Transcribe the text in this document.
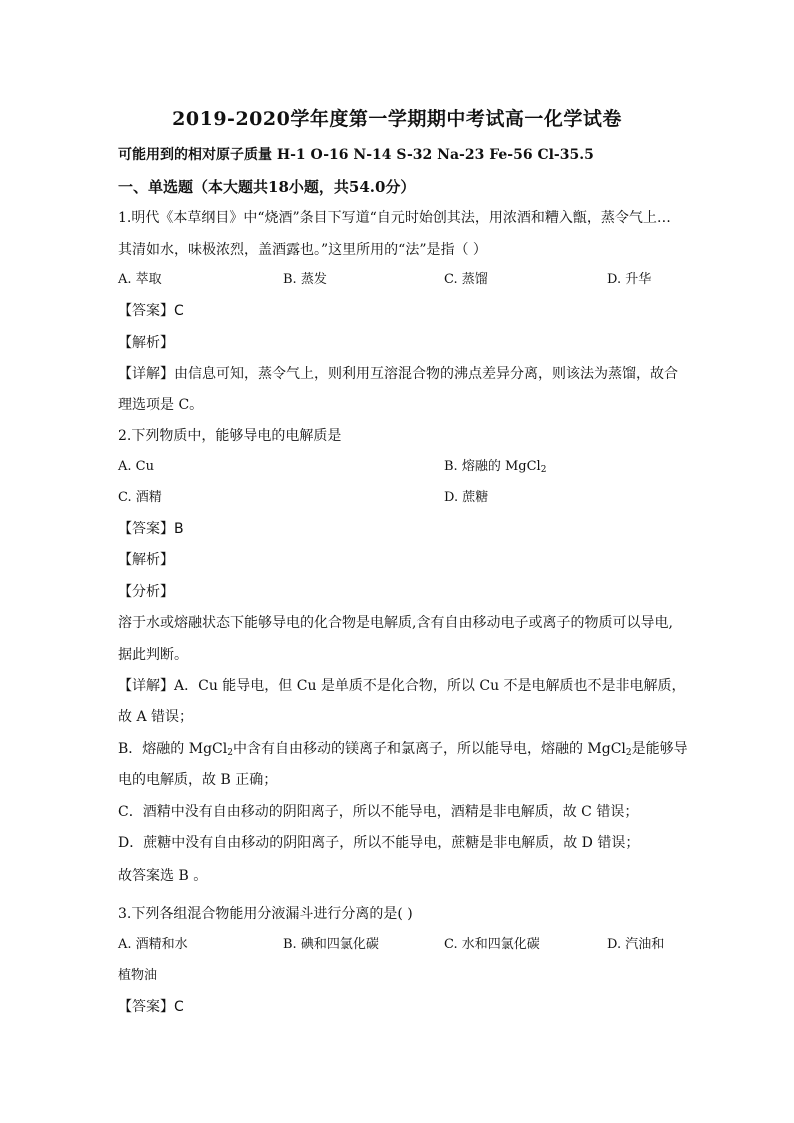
2019-2020学年度第一学期期中考试高一化学试卷
可能用到的相对原子质量 H-1 O-16 N-14 S-32 Na-23 Fe-56 Cl-35.5
一、单选题（本大题共18小题，共54.0分）
1.明代《本草纲目》中“烧酒”条目下写道“自元时始创其法，用浓酒和糟入甑，蒸令气上…
其清如水，味极浓烈，盖酒露也。”这里所用的“法”是指（ ）
A. 萃取	B. 蒸发	C. 蒸馏	D. 升华
【答案】C
【解析】
【详解】由信息可知，蒸令气上，则利用互溶混合物的沸点差异分离，则该法为蒸馏，故合
理选项是 C。
2.下列物质中，能够导电的电解质是
A. Cu	B. 熔融的 MgCl$_2$
C. 酒精	D. 蔗糖
【答案】B
【解析】
【分析】
溶于水或熔融状态下能够导电的化合物是电解质,含有自由移动电子或离子的物质可以导电,
据此判断。
【详解】A．Cu 能导电，但 Cu 是单质不是化合物，所以 Cu 不是电解质也不是非电解质，
故 A 错误；
B．熔融的 MgCl$_2$中含有自由移动的镁离子和氯离子，所以能导电，熔融的 MgCl$_2$是能够导
电的电解质，故 B 正确；
C．酒精中没有自由移动的阴阳离子，所以不能导电，酒精是非电解质，故 C 错误；
D．蔗糖中没有自由移动的阴阳离子，所以不能导电，蔗糖是非电解质，故 D 错误；
故答案选 B 。
3.下列各组混合物能用分液漏斗进行分离的是( )
A. 酒精和水	B. 碘和四氯化碳	C. 水和四氯化碳	D. 汽油和
植物油
【答案】C
